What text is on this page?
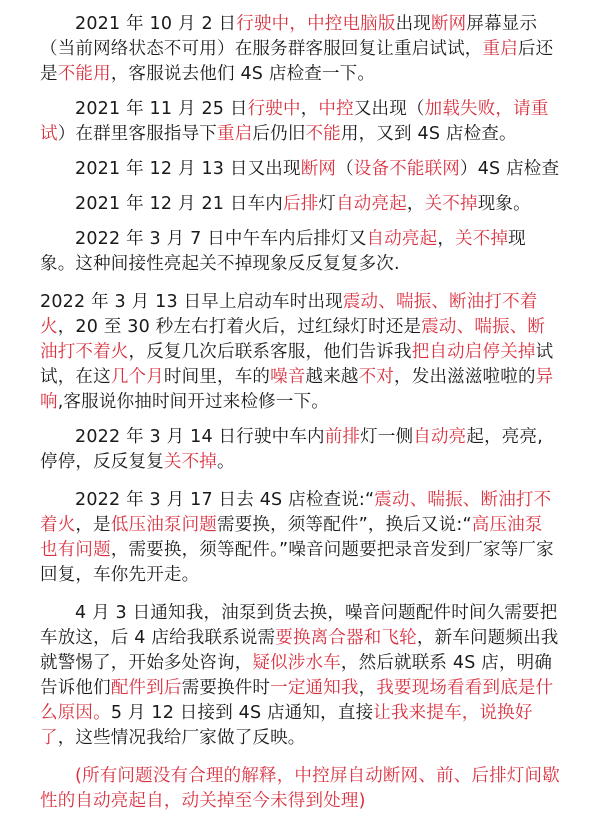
2021 年 10 月 2 日行驶中，中控电脑版出现断网屏幕显示（当前网络状态不可用）在服务群客服回复让重启试试，重启后还是不能用，客服说去他们 4S 店检查一下。

2021 年 11 月 25 日行驶中，中控又出现（加载失败，请重试）在群里客服指导下重启后仍旧不能用，又到 4S 店检查。

2021 年 12 月 13 日又出现断网（设备不能联网）4S 店检查

2021 年 12 月 21 日车内后排灯自动亮起，关不掉现象。

2022 年 3 月 7 日中午车内后排灯又自动亮起，关不掉现象。这种间接性亮起关不掉现象反反复复多次.

2022 年 3 月 13 日早上启动车时出现震动、喘振、断油打不着火，20 至 30 秒左右打着火后，过红绿灯时还是震动、喘振、断油打不着火，反复几次后联系客服，他们告诉我把自动启停关掉试试，在这几个月时间里，车的噪音越来越不对，发出滋滋啦啦的异响,客服说你抽时间开过来检修一下。

2022 年 3 月 14 日行驶中车内前排灯一侧自动亮起，亮亮,停停，反反复复关不掉。

2022 年 3 月 17 日去 4S 店检查说:“震动、喘振、断油打不着火，是低压油泵问题需要换，须等配件”，换后又说:“高压油泵也有问题，需要换，须等配件。”噪音问题要把录音发到厂家等厂家回复，车你先开走。

4 月 3 日通知我，油泵到货去换，噪音问题配件时间久需要把车放这，后 4 店给我联系说需要换离合器和飞轮，新车问题频出我就警惕了，开始多处咨询，疑似涉水车，然后就联系 4S 店，明确告诉他们配件到后需要换件时一定通知我，我要现场看看到底是什么原因。5 月 12 日接到 4S 店通知，直接让我来提车，说换好了，这些情况我给厂家做了反映。

(所有问题没有合理的解释，中控屏自动断网、前、后排灯间歇性的自动亮起自，动关掉至今未得到处理)
